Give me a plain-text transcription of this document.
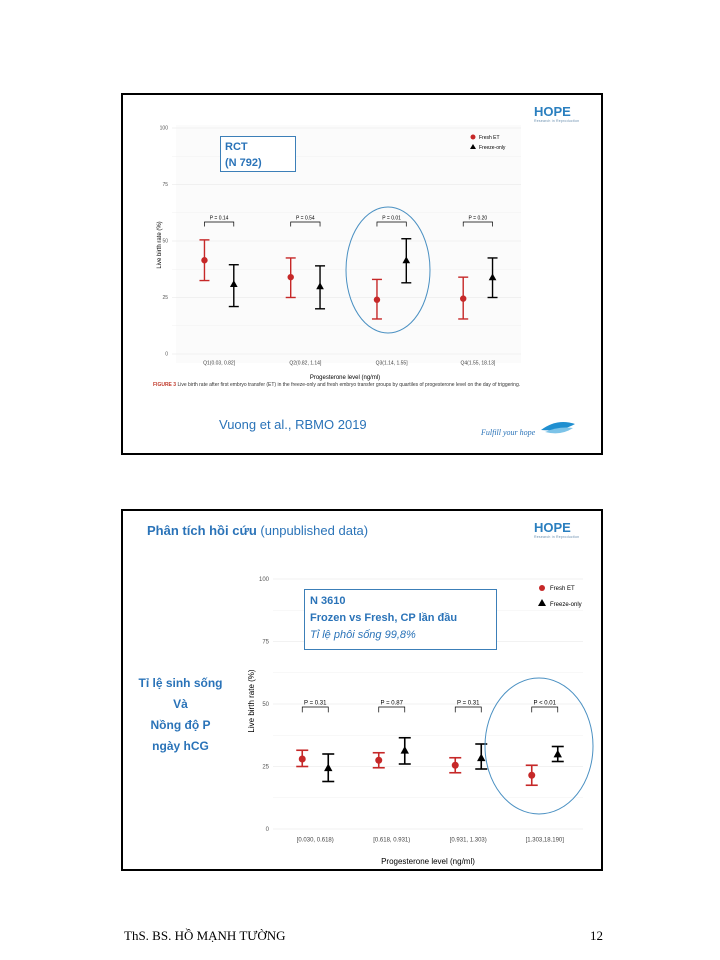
HOPE
Research in Reproduction
0
25
50
75
100
Q1(0.03, 0.82]	Q2(0.82, 1.14]	Q3(1.14, 1.55]	Q4(1.55, 18.13]
P = 0.14	P = 0.54	P = 0.01	P = 0.20
Live birth rate (%)
Progesterone level (ng/ml)
Fresh ET
Freeze-only
RCT
(N 792)
FIGURE 3 Live birth rate after first embryo transfer (ET) in the freeze-only and fresh embryo transfer groups by quartiles of progesterone level on the day of triggering.
Vuong et al., RBMO 2019
Fulfill your hope
Phân tích hồi cứu (unpublished data)	HOPE
Research in Reproduction
Tỉ lệ sinh sống
Và
Nồng độ P
ngày hCG
0
25
50
75
100
[0.030, 0.618)	[0.618, 0.931)	[0.931, 1.303)	[1.303,18.190]
P = 0.31	P = 0.87	P = 0.31	P < 0.01
Live birth rate (%)
Progesterone level (ng/ml)
Fresh ET
Freeze-only
N 3610
Frozen vs Fresh, CP lần đầu
Tỉ lệ phôi sống 99,8%
ThS. BS. HỒ MẠNH TƯỜNG	12
